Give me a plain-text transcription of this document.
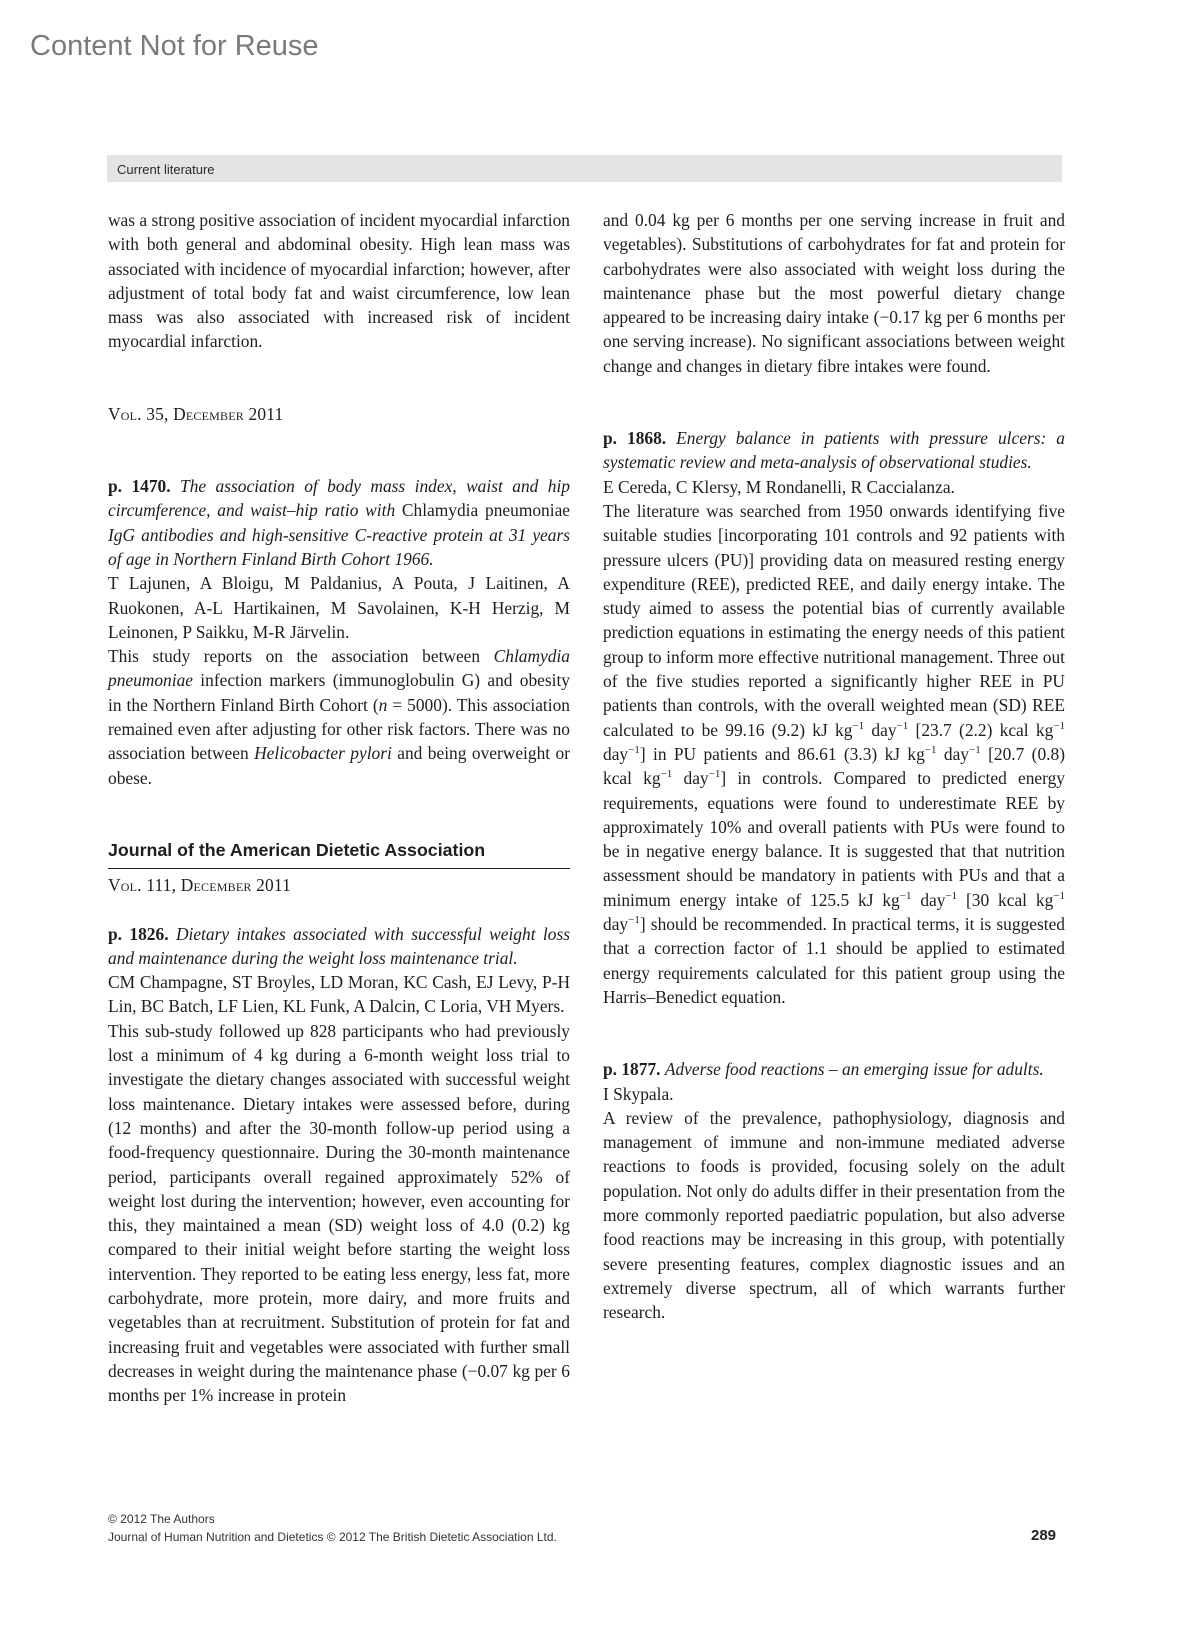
Content Not for Reuse
Current literature

was a strong positive association of incident myocardial infarction with both general and abdominal obesity. High lean mass was associated with incidence of myocardial infarction; however, after adjustment of total body fat and waist circumference, low lean mass was also associated with increased risk of incident myocardial infarction.

Vol. 35, December 2011

p. 1470. The association of body mass index, waist and hip circumference, and waist–hip ratio with Chlamydia pneumoniae IgG antibodies and high-sensitive C-reactive protein at 31 years of age in Northern Finland Birth Cohort 1966.

T Lajunen, A Bloigu, M Paldanius, A Pouta, J Laitinen, A Ruokonen, A-L Hartikainen, M Savolainen, K-H Herzig, M Leinonen, P Saikku, M-R Järvelin.

This study reports on the association between Chlamydia pneumoniae infection markers (immunoglobulin G) and obesity in the Northern Finland Birth Cohort (n = 5000). This association remained even after adjusting for other risk factors. There was no association between Helicobacter pylori and being overweight or obese.

Journal of the American Dietetic Association

Vol. 111, December 2011

p. 1826. Dietary intakes associated with successful weight loss and maintenance during the weight loss maintenance trial.

CM Champagne, ST Broyles, LD Moran, KC Cash, EJ Levy, P-H Lin, BC Batch, LF Lien, KL Funk, A Dalcin, C Loria, VH Myers.

This sub-study followed up 828 participants who had previously lost a minimum of 4 kg during a 6-month weight loss trial to investigate the dietary changes associated with successful weight loss maintenance. Dietary intakes were assessed before, during (12 months) and after the 30-month follow-up period using a food-frequency questionnaire. During the 30-month maintenance period, participants overall regained approximately 52% of weight lost during the intervention; however, even accounting for this, they maintained a mean (SD) weight loss of 4.0 (0.2) kg compared to their initial weight before starting the weight loss intervention. They reported to be eating less energy, less fat, more carbohydrate, more protein, more dairy, and more fruits and vegetables than at recruitment. Substitution of protein for fat and increasing fruit and vegetables were associated with further small decreases in weight during the maintenance phase (−0.07 kg per 6 months per 1% increase in protein

and 0.04 kg per 6 months per one serving increase in fruit and vegetables). Substitutions of carbohydrates for fat and protein for carbohydrates were also associated with weight loss during the maintenance phase but the most powerful dietary change appeared to be increasing dairy intake (−0.17 kg per 6 months per one serving increase). No significant associations between weight change and changes in dietary fibre intakes were found.

p. 1868. Energy balance in patients with pressure ulcers: a systematic review and meta-analysis of observational studies.

E Cereda, C Klersy, M Rondanelli, R Caccialanza.

The literature was searched from 1950 onwards identifying five suitable studies [incorporating 101 controls and 92 patients with pressure ulcers (PU)] providing data on measured resting energy expenditure (REE), predicted REE, and daily energy intake. The study aimed to assess the potential bias of currently available prediction equations in estimating the energy needs of this patient group to inform more effective nutritional management. Three out of the five studies reported a significantly higher REE in PU patients than controls, with the overall weighted mean (SD) REE calculated to be 99.16 (9.2) kJ $kg^{-1}$ day$^{-1}$ [23.7 (2.2) kcal $kg^{-1}$ day$^{-1}$] in PU patients and 86.61 (3.3) kJ $kg^{-1}$ day$^{-1}$ [20.7 (0.8) kcal $kg^{-1}$ day$^{-1}$] in controls. Compared to predicted energy requirements, equations were found to underestimate REE by approximately 10% and overall patients with PUs were found to be in negative energy balance. It is suggested that that nutrition assessment should be mandatory in patients with PUs and that a minimum energy intake of 125.5 kJ $kg^{-1}$ day$^{-1}$ [30 kcal $kg^{-1}$ day$^{-1}$] should be recommended. In practical terms, it is suggested that a correction factor of 1.1 should be applied to estimated energy requirements calculated for this patient group using the Harris–Benedict equation.

p. 1877. Adverse food reactions – an emerging issue for adults.

I Skypala.

A review of the prevalence, pathophysiology, diagnosis and management of immune and non-immune mediated adverse reactions to foods is provided, focusing solely on the adult population. Not only do adults differ in their presentation from the more commonly reported paediatric population, but also adverse food reactions may be increasing in this group, with potentially severe presenting features, complex diagnostic issues and an extremely diverse spectrum, all of which warrants further research.

© 2012 The Authors
Journal of Human Nutrition and Dietetics © 2012 The British Dietetic Association Ltd.	289
